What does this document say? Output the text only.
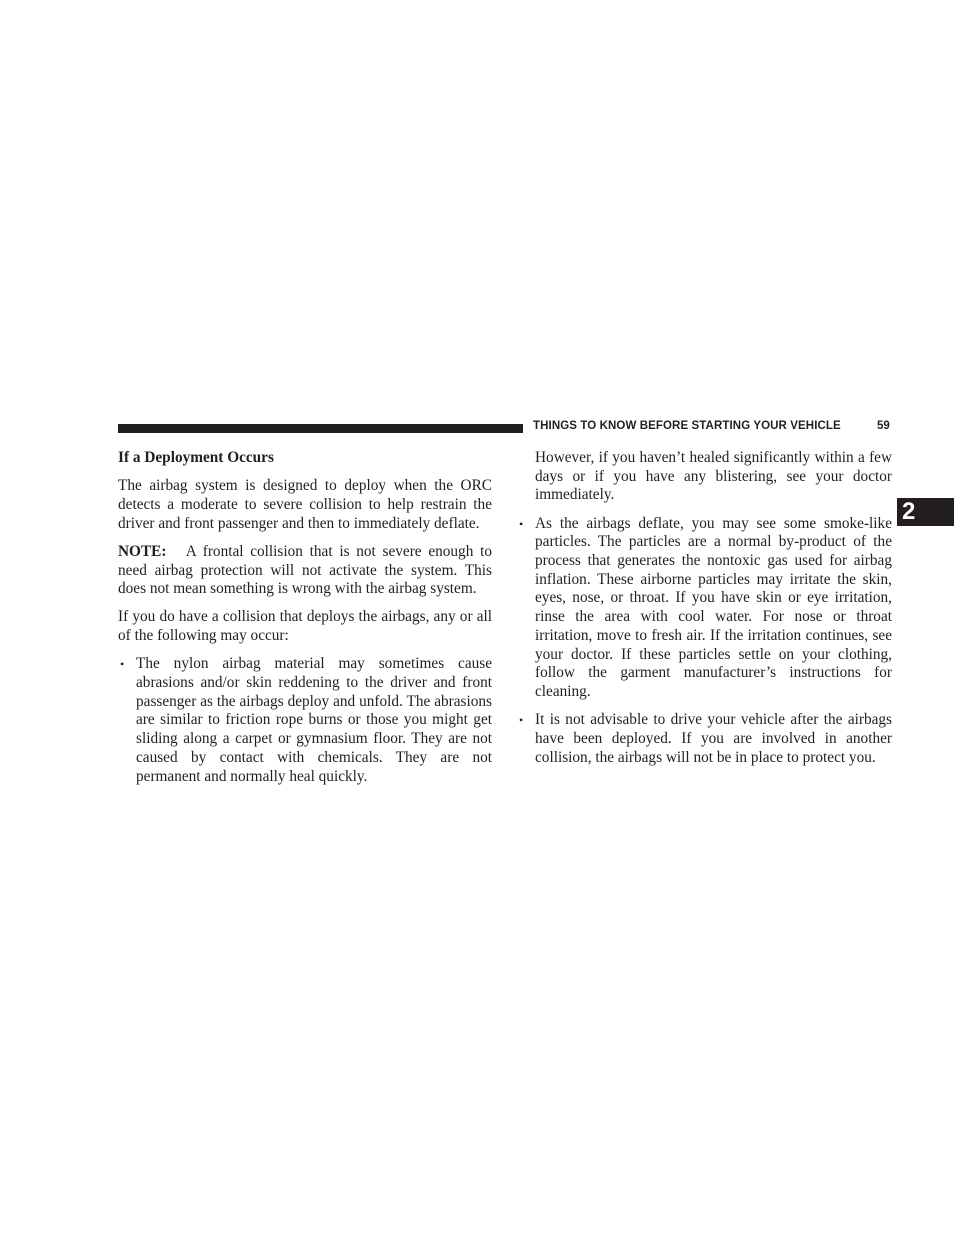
THINGS TO KNOW BEFORE STARTING YOUR VEHICLE	59
2

If a Deployment Occurs

The airbag system is designed to deploy when the ORC detects a moderate to severe collision to help restrain the driver and front passenger and then to immediately deflate.

NOTE: A frontal collision that is not severe enough to need airbag protection will not activate the system. This does not mean something is wrong with the airbag system.

If you do have a collision that deploys the airbags, any or all of the following may occur:

• The nylon airbag material may sometimes cause abrasions and/or skin reddening to the driver and front passenger as the airbags deploy and unfold. The abrasions are similar to friction rope burns or those you might get sliding along a carpet or gymnasium floor. They are not caused by contact with chemicals. They are not permanent and normally heal quickly.

However, if you haven’t healed significantly within a few days or if you have any blistering, see your doctor immediately.

• As the airbags deflate, you may see some smoke-like particles. The particles are a normal by-product of the process that generates the nontoxic gas used for airbag inflation. These airborne particles may irritate the skin, eyes, nose, or throat. If you have skin or eye irritation, rinse the area with cool water. For nose or throat irritation, move to fresh air. If the irritation continues, see your doctor. If these particles settle on your clothing, follow the garment manufacturer’s instructions for cleaning.
• It is not advisable to drive your vehicle after the airbags have been deployed. If you are involved in another collision, the airbags will not be in place to protect you.
